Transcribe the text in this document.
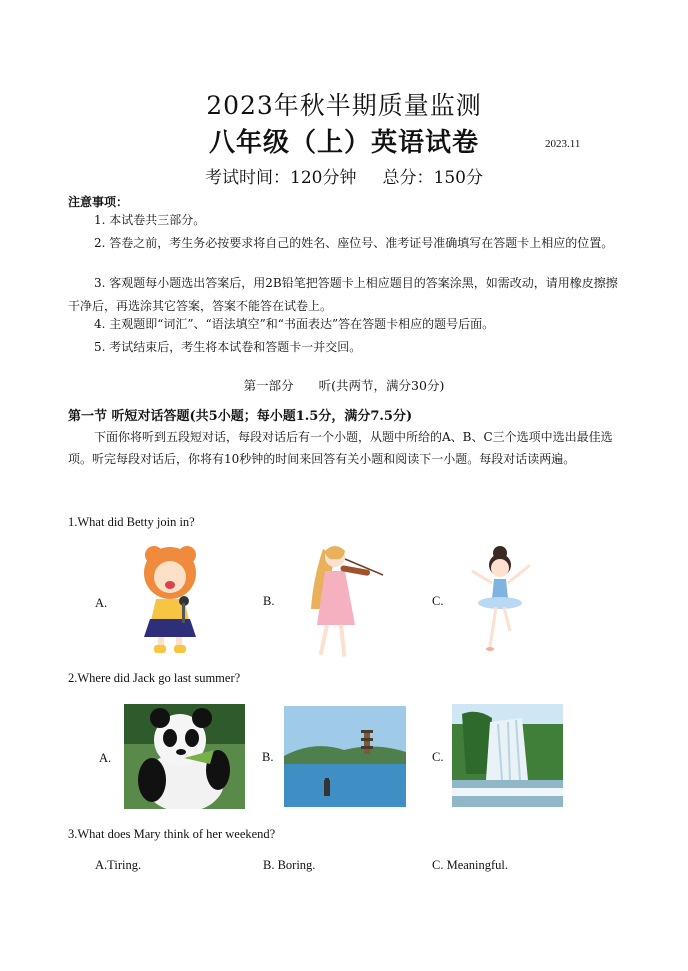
2023年秋半期质量监测
八年级（上）英语试卷	2023.11
考试时间：120分钟 总分：150分
注意事项：
1. 本试卷共三部分。
2. 答卷之前，考生务必按要求将自己的姓名、座位号、准考证号准确填写在答题卡上相应的位置。
3. 客观题每小题选出答案后，用2B铅笔把答题卡上相应题目的答案涂黑，如需改动，请用橡皮擦擦干净后，再选涂其它答案，答案不能答在试卷上。
4. 主观题即“词汇”、“语法填空”和“书面表达”答在答题卡相应的题号后面。
5. 考试结束后，考生将本试卷和答题卡一并交回。
第一部分　　听(共两节，满分30分)
第一节 听短对话答题(共5小题；每小题1.5分，满分7.5分)
下面你将听到五段短对话，每段对话后有一个小题，从题中所给的A、B、C三个选项中选出最佳选项。听完每段对话后，你将有10秒钟的时间来回答有关小题和阅读下一小题。每段对话读两遍。
1.What did Betty join in?
A.	B.	C.
2.Where did Jack go last summer?
A.	B.	C.
3.What does Mary think of her weekend?
A.Tiring.	B. Boring.	C. Meaningful.
